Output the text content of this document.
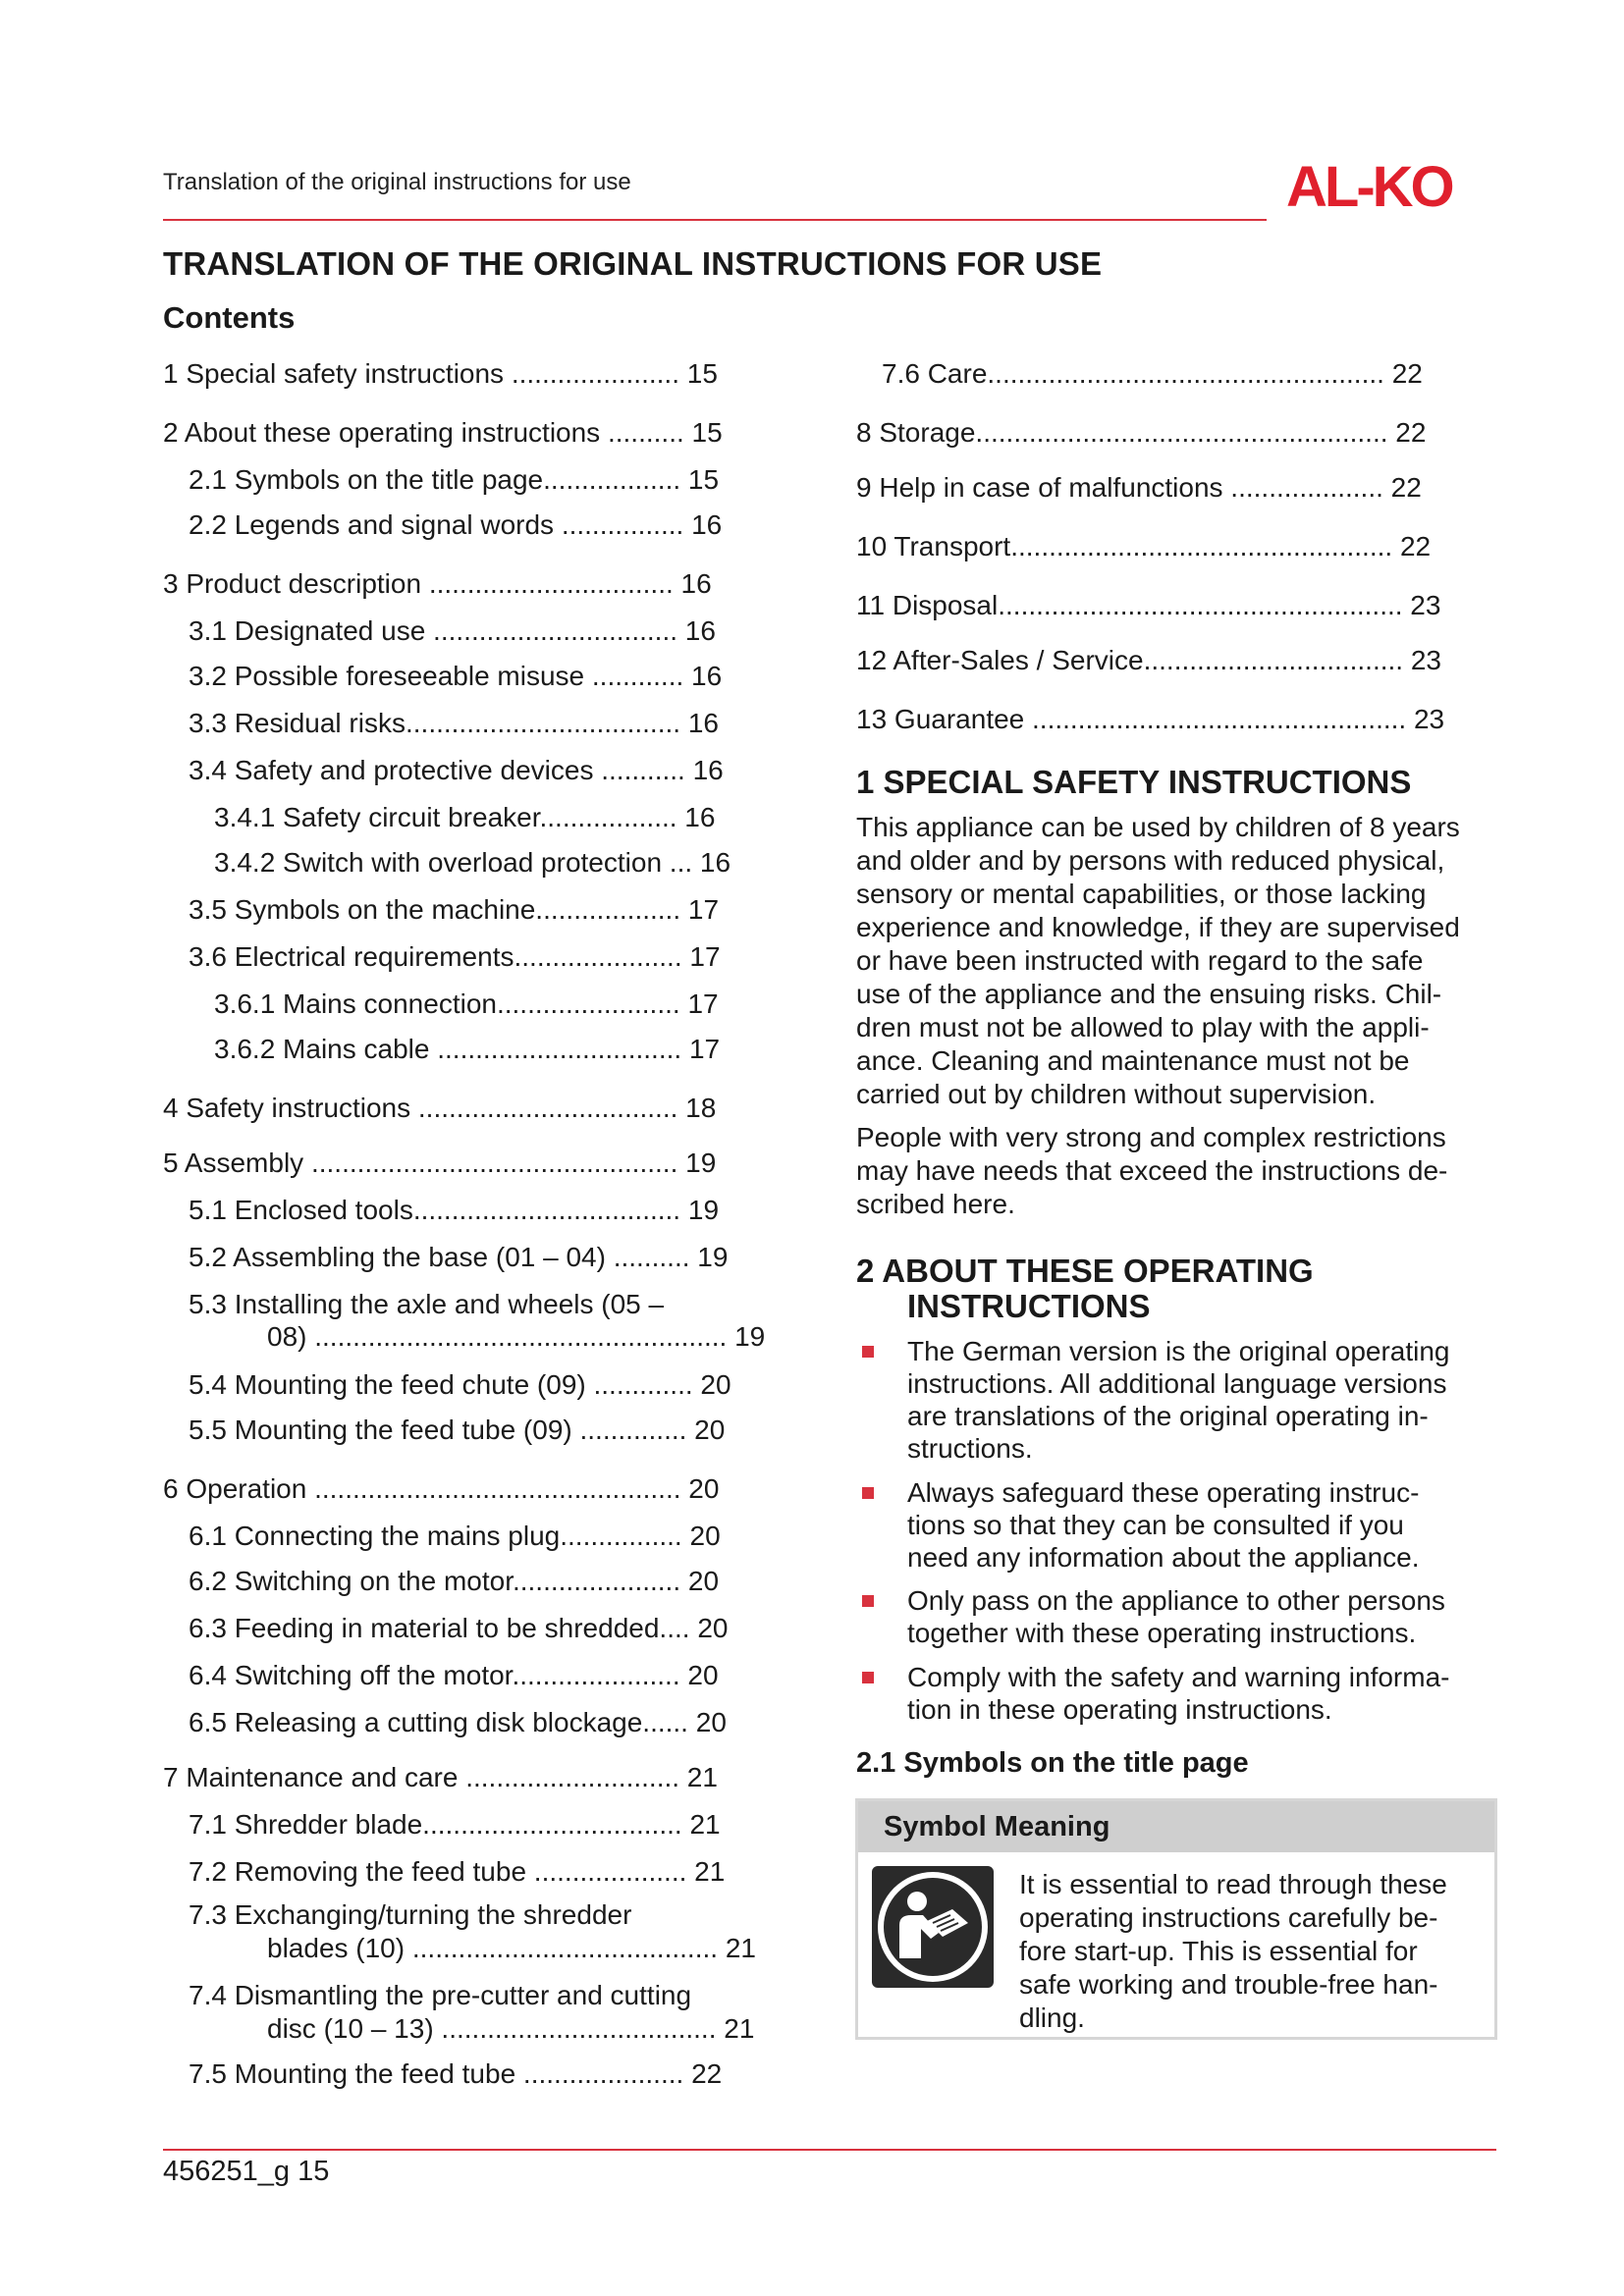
Translation of the original instructions for use	AL-KO
TRANSLATION OF THE ORIGINAL INSTRUCTIONS FOR USE
Contents
1 Special safety instructions ...................... 15
2 About these operating instructions .......... 15
2.1 Symbols on the title page.................. 15
2.2 Legends and signal words ................ 16
3 Product description ................................ 16
3.1 Designated use ................................ 16
3.2 Possible foreseeable misuse ............ 16
3.3 Residual risks.................................... 16
3.4 Safety and protective devices ........... 16
3.4.1 Safety circuit breaker.................. 16
3.4.2 Switch with overload protection ... 16
3.5 Symbols on the machine................... 17
3.6 Electrical requirements...................... 17
3.6.1 Mains connection........................ 17
3.6.2 Mains cable ................................ 17
4 Safety instructions .................................. 18
5 Assembly ................................................ 19
5.1 Enclosed tools................................... 19
5.2 Assembling the base (01 – 04) .......... 19
5.3 Installing the axle and wheels (05 –
08) ...................................................... 19
5.4 Mounting the feed chute (09) ............. 20
5.5 Mounting the feed tube (09) .............. 20
6 Operation ................................................ 20
6.1 Connecting the mains plug................ 20
6.2 Switching on the motor...................... 20
6.3 Feeding in material to be shredded.... 20
6.4 Switching off the motor...................... 20
6.5 Releasing a cutting disk blockage...... 20
7 Maintenance and care ............................ 21
7.1 Shredder blade.................................. 21
7.2 Removing the feed tube .................... 21
7.3 Exchanging/turning the shredder
blades (10) ........................................ 21
7.4 Dismantling the pre-cutter and cutting
disc (10 – 13) .................................... 21
7.5 Mounting the feed tube ..................... 22
7.6 Care.................................................... 22
8 Storage...................................................... 22
9 Help in case of malfunctions .................... 22
10 Transport.................................................. 22
11 Disposal..................................................... 23
12 After-Sales / Service.................................. 23
13 Guarantee ................................................. 23
1 SPECIAL SAFETY INSTRUCTIONS
This appliance can be used by children of 8 years
and older and by persons with reduced physical,
sensory or mental capabilities, or those lacking
experience and knowledge, if they are supervised
or have been instructed with regard to the safe
use of the appliance and the ensuing risks. Chil-
dren must not be allowed to play with the appli-
ance. Cleaning and maintenance must not be
carried out by children without supervision.
People with very strong and complex restrictions
may have needs that exceed the instructions de-
scribed here.
2 ABOUT THESE OPERATING
INSTRUCTIONS
The German version is the original operating
instructions. All additional language versions
are translations of the original operating in-
structions.
Always safeguard these operating instruc-
tions so that they can be consulted if you
need any information about the appliance.
Only pass on the appliance to other persons
together with these operating instructions.
Comply with the safety and warning informa-
tion in these operating instructions.
2.1 Symbols on the title page
Symbol Meaning
It is essential to read through these
operating instructions carefully be-
fore start-up. This is essential for
safe working and trouble-free han-
dling.
456251_g 15
